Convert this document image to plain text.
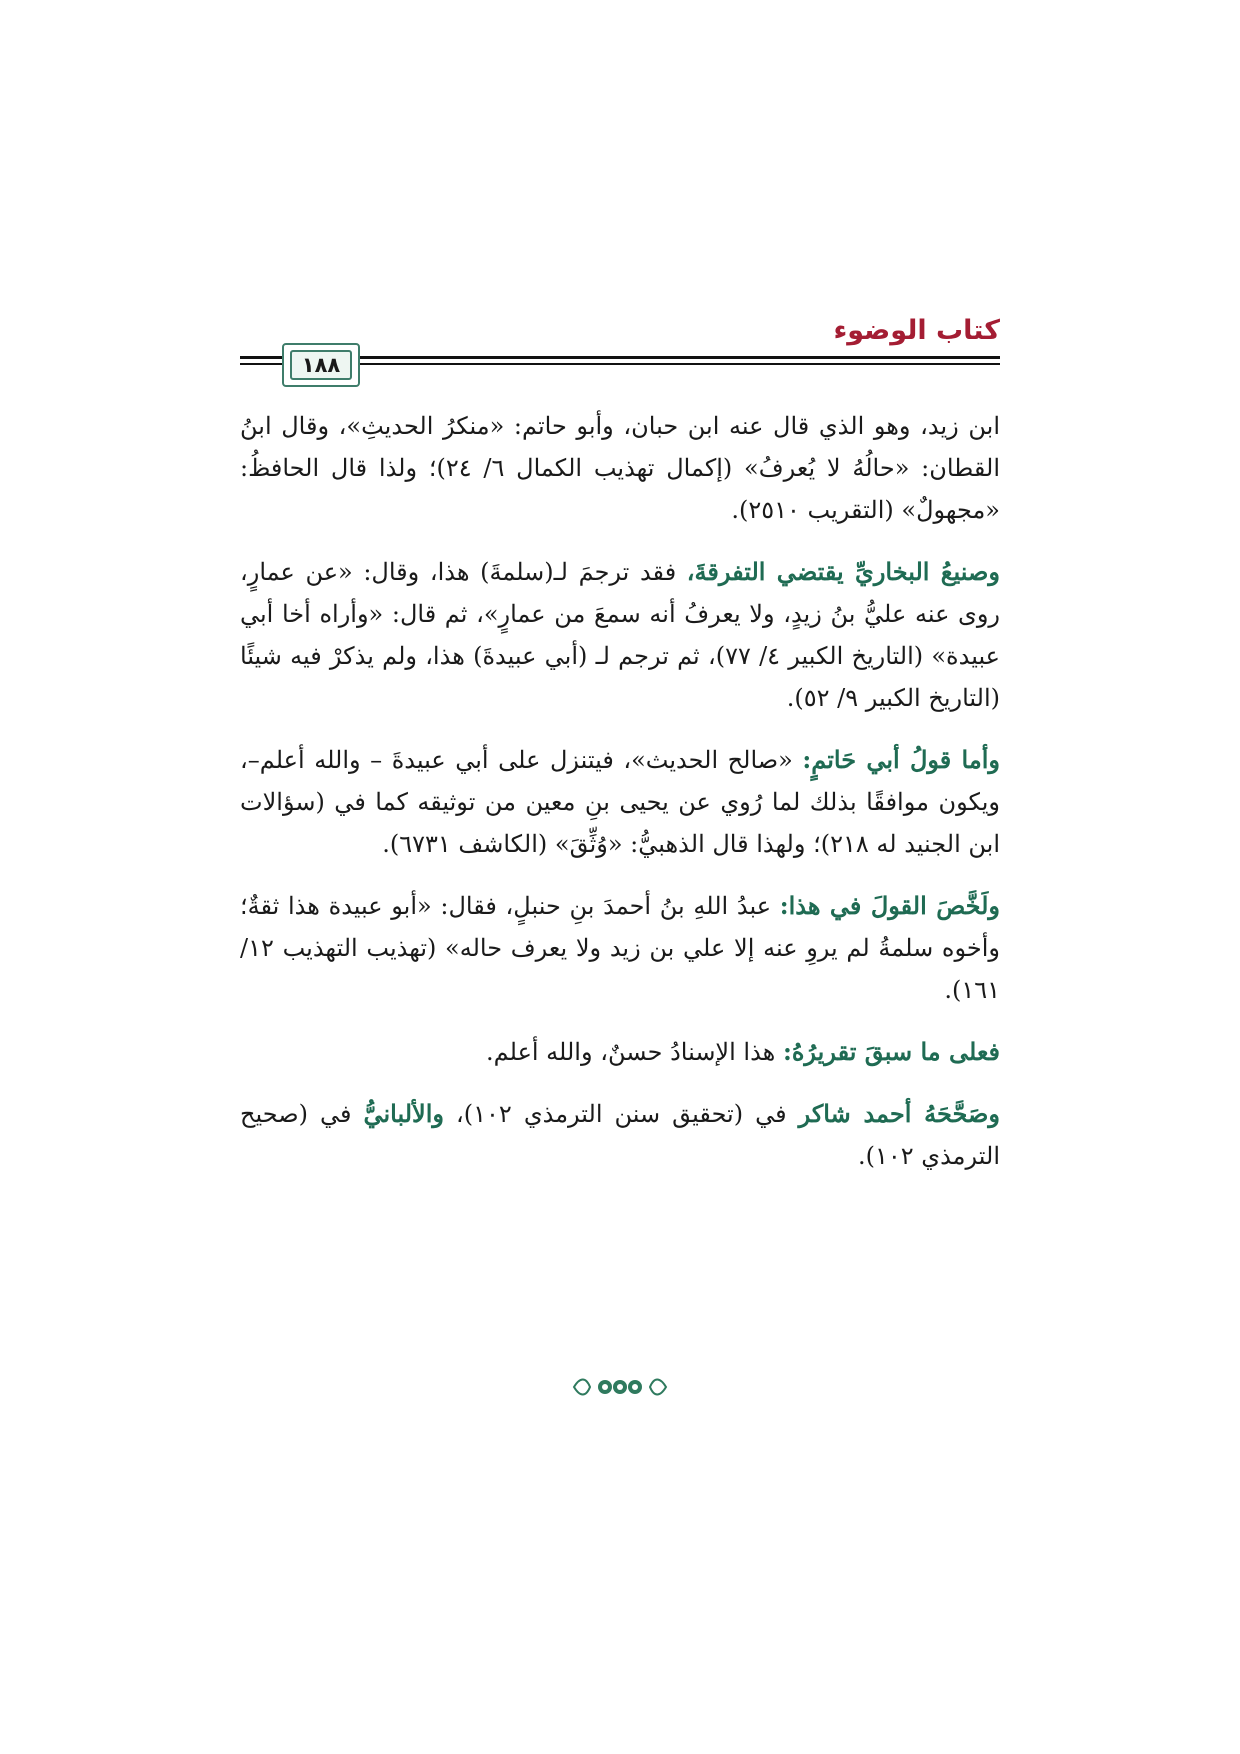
كتاب الوضوء
١٨٨

ابن زيد، وهو الذي قال عنه ابن حبان، وأبو حاتم: «منكرُ الحديثِ»، وقال ابنُ القطان: «حالُهُ لا يُعرفُ» (إكمال تهذيب الكمال ٦/ ٢٤)؛ ولذا قال الحافظُ: «مجهولٌ» (التقريب ٢٥١٠).

وصنيعُ البخاريِّ يقتضي التفرقةَ، فقد ترجمَ لـ(سلمةَ) هذا، وقال: «عن عمارٍ، روى عنه عليُّ بنُ زيدٍ، ولا يعرفُ أنه سمعَ من عمارٍ»، ثم قال: «وأراه أخا أبي عبيدة» (التاريخ الكبير ٤/ ٧٧)، ثم ترجم لـ (أبي عبيدةَ) هذا، ولم يذكرْ فيه شيئًا (التاريخ الكبير ٩/ ٥٢).

وأما قولُ أبي حَاتمٍ: «صالح الحديث»، فيتنزل على أبي عبيدةَ – والله أعلم–، ويكون موافقًا بذلك لما رُوي عن يحيى بنِ معين من توثيقه كما في (سؤالات ابن الجنيد له ٢١٨)؛ ولهذا قال الذهبيُّ: «وُثِّقَ» (الكاشف ٦٧٣١).

ولَخَّصَ القولَ في هذا: عبدُ اللهِ بنُ أحمدَ بنِ حنبلٍ، فقال: «أبو عبيدة هذا ثقةٌ؛ وأخوه سلمةُ لم يروِ عنه إلا علي بن زيد ولا يعرف حاله» (تهذيب التهذيب ١٢/ ١٦١).

فعلى ما سبقَ تقريرُهُ: هذا الإسنادُ حسنٌ، والله أعلم.

وصَحَّحَهُ أحمد شاكر في (تحقيق سنن الترمذي ١٠٢)، والألبانيُّ في (صحيح الترمذي ١٠٢).
